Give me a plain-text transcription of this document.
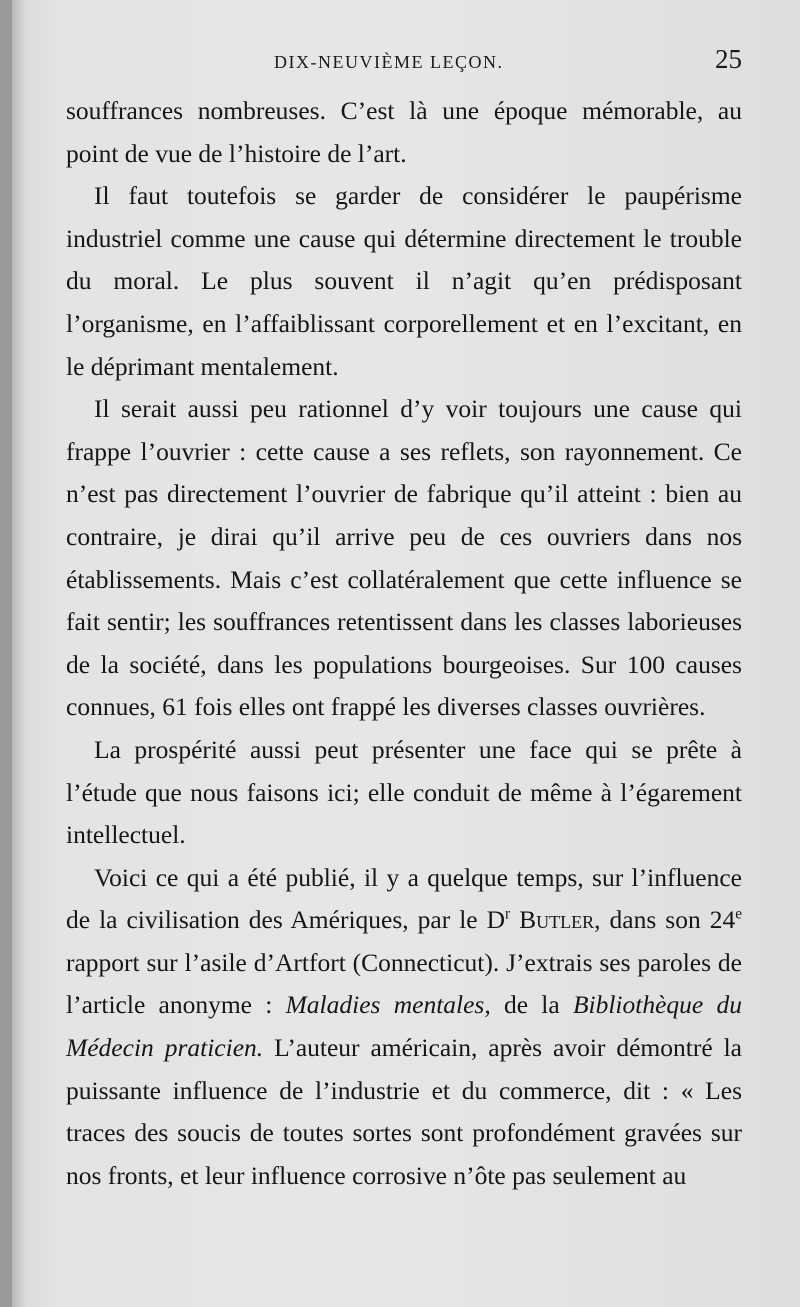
DIX-NEUVIÈME LEÇON.	25

souffrances nombreuses. C’est là une époque mémorable, au point de vue de l’histoire de l’art.

Il faut toutefois se garder de considérer le paupérisme industriel comme une cause qui détermine directement le trouble du moral. Le plus souvent il n’agit qu’en prédisposant l’organisme, en l’affaiblissant corporellement et en l’excitant, en le déprimant mentalement.

Il serait aussi peu rationnel d’y voir toujours une cause qui frappe l’ouvrier : cette cause a ses reflets, son rayonnement. Ce n’est pas directement l’ouvrier de fabrique qu’il atteint : bien au contraire, je dirai qu’il arrive peu de ces ouvriers dans nos établissements. Mais c’est collatéralement que cette influence se fait sentir; les souffrances retentissent dans les classes laborieuses de la société, dans les populations bourgeoises. Sur 100 causes connues, 61 fois elles ont frappé les diverses classes ouvrières.

La prospérité aussi peut présenter une face qui se prête à l’étude que nous faisons ici; elle conduit de même à l’égarement intellectuel.

Voici ce qui a été publié, il y a quelque temps, sur l’influence de la civilisation des Amériques, par le $D^r$ Butler, dans son 24e rapport sur l’asile d’Artfort (Connecticut). J’extrais ses paroles de l’article anonyme : Maladies mentales, de la Bibliothèque du Médecin praticien. L’auteur américain, après avoir démontré la puissante influence de l’industrie et du commerce, dit : « Les traces des soucis de toutes sortes sont profondément gravées sur nos fronts, et leur influence corrosive n’ôte pas seulement au
